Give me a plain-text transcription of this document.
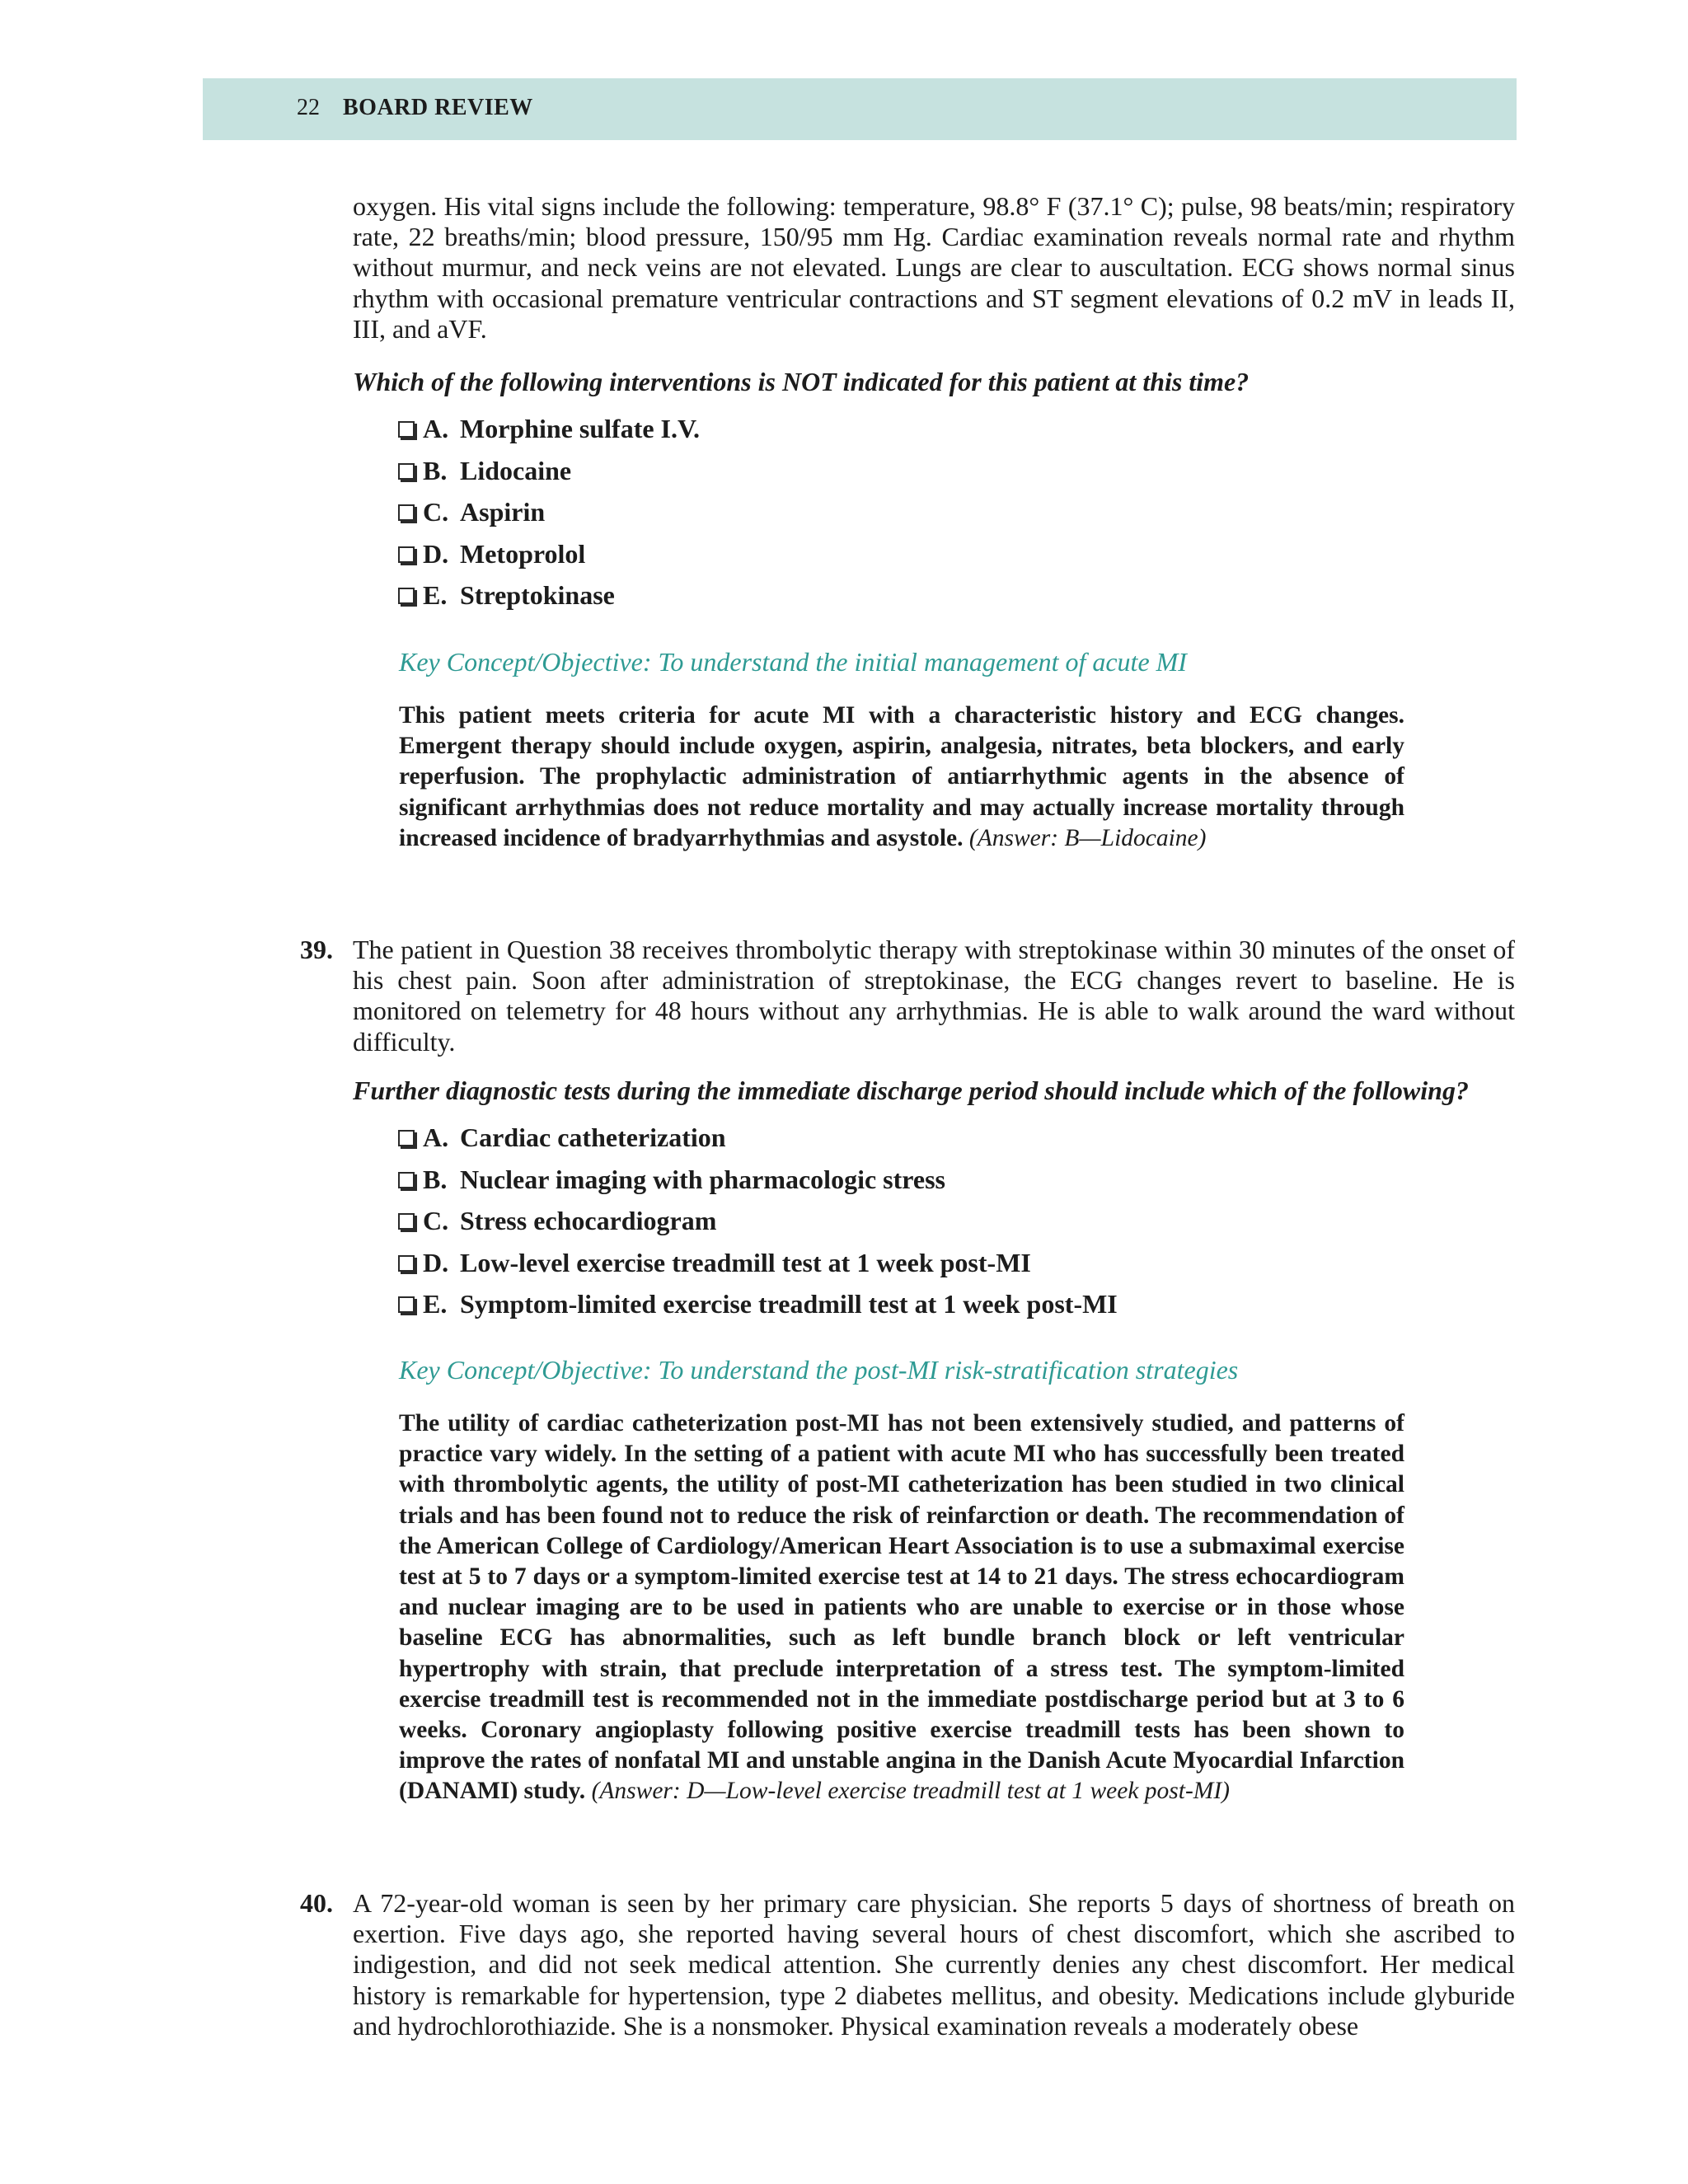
22 BOARD REVIEW

oxygen. His vital signs include the following: temperature, 98.8° F (37.1° C); pulse, 98 beats/min; respiratory rate, 22 breaths/min; blood pressure, 150/95 mm Hg. Cardiac examination reveals normal rate and rhythm without murmur, and neck veins are not elevated. Lungs are clear to auscultation. ECG shows normal sinus rhythm with occasional premature ventricular contractions and ST segment elevations of 0.2 mV in leads II, III, and aVF.

Which of the following interventions is NOT indicated for this patient at this time?

A. Morphine sulfate I.V.
B. Lidocaine
C. Aspirin
D. Metoprolol
E. Streptokinase
Key Concept/Objective: To understand the initial management of acute MI

This patient meets criteria for acute MI with a characteristic history and ECG changes. Emergent therapy should include oxygen, aspirin, analgesia, nitrates, beta blockers, and early reperfusion. The prophylactic administration of antiarrhythmic agents in the absence of significant arrhythmias does not reduce mortality and may actually increase mortality through increased incidence of bradyarrhythmias and asystole. (Answer: B—Lidocaine)

39. The patient in Question 38 receives thrombolytic therapy with streptokinase within 30 minutes of the onset of his chest pain. Soon after administration of streptokinase, the ECG changes revert to baseline. He is monitored on telemetry for 48 hours without any arrhythmias. He is able to walk around the ward without difficulty.

Further diagnostic tests during the immediate discharge period should include which of the following?

A. Cardiac catheterization
B. Nuclear imaging with pharmacologic stress
C. Stress echocardiogram
D. Low-level exercise treadmill test at 1 week post-MI
E. Symptom-limited exercise treadmill test at 1 week post-MI
Key Concept/Objective: To understand the post-MI risk-stratification strategies

The utility of cardiac catheterization post-MI has not been extensively studied, and patterns of practice vary widely. In the setting of a patient with acute MI who has successfully been treated with thrombolytic agents, the utility of post-MI catheterization has been studied in two clinical trials and has been found not to reduce the risk of reinfarction or death. The recommendation of the American College of Cardiology/American Heart Association is to use a submaximal exercise test at 5 to 7 days or a symptom-limited exercise test at 14 to 21 days. The stress echocardiogram and nuclear imaging are to be used in patients who are unable to exercise or in those whose baseline ECG has abnormalities, such as left bundle branch block or left ventricular hypertrophy with strain, that preclude interpretation of a stress test. The symptom-limited exercise treadmill test is recommended not in the immediate postdischarge period but at 3 to 6 weeks. Coronary angioplasty following positive exercise treadmill tests has been shown to improve the rates of nonfatal MI and unstable angina in the Danish Acute Myocardial Infarction (DANAMI) study. (Answer: D—Low-level exercise treadmill test at 1 week post-MI)

40. A 72-year-old woman is seen by her primary care physician. She reports 5 days of shortness of breath on exertion. Five days ago, she reported having several hours of chest discomfort, which she ascribed to indigestion, and did not seek medical attention. She currently denies any chest discomfort. Her medical history is remarkable for hypertension, type 2 diabetes mellitus, and obesity. Medications include glyburide and hydrochlorothiazide. She is a nonsmoker. Physical examination reveals a moderately obese
